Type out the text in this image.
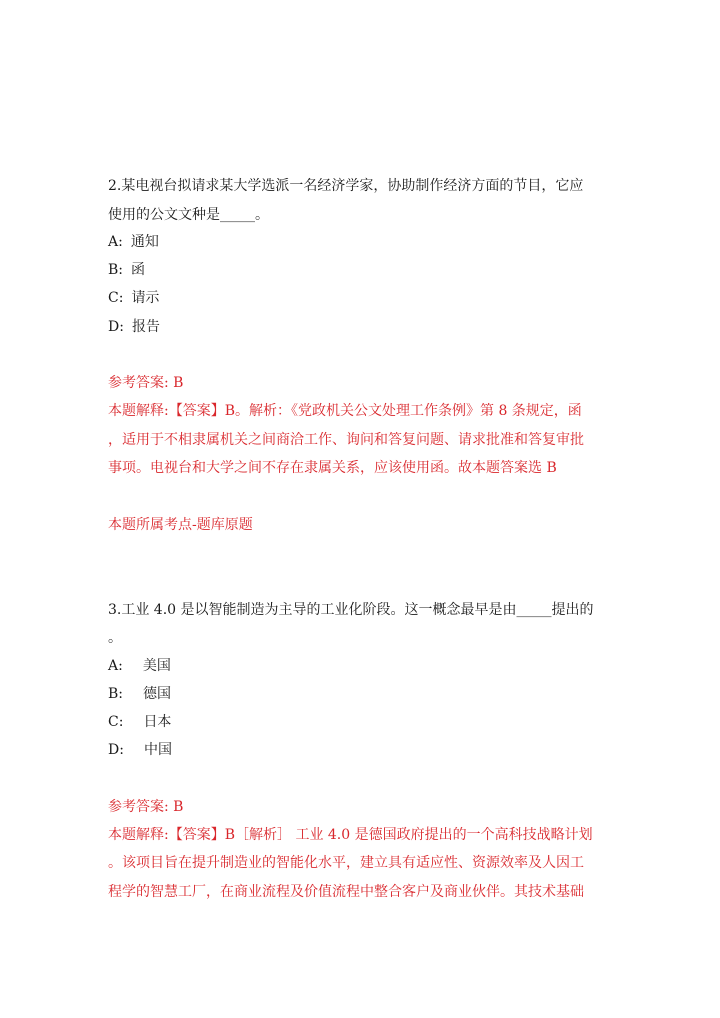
2.某电视台拟请求某大学选派一名经济学家，协助制作经济方面的节目，它应
使用的公文文种是_____。
A: 通知
B: 函
C: 请示
D: 报告
参考答案: B
本题解释:【答案】B。解析：《党政机关公文处理工作条例》第 8 条规定，函
，适用于不相隶属机关之间商洽工作、询问和答复问题、请求批准和答复审批
事项。电视台和大学之间不存在隶属关系，应该使用函。故本题答案选 B
本题所属考点-题库原题
3.工业 4.0 是以智能制造为主导的工业化阶段。这一概念最早是由_____提出的
。
A: 美国
B: 德国
C: 日本
D: 中国
参考答案: B
本题解释:【答案】B［解析］ 工业 4.0 是德国政府提出的一个高科技战略计划
。该项目旨在提升制造业的智能化水平，建立具有适应性、资源效率及人因工
程学的智慧工厂，在商业流程及价值流程中整合客户及商业伙伴。其技术基础
